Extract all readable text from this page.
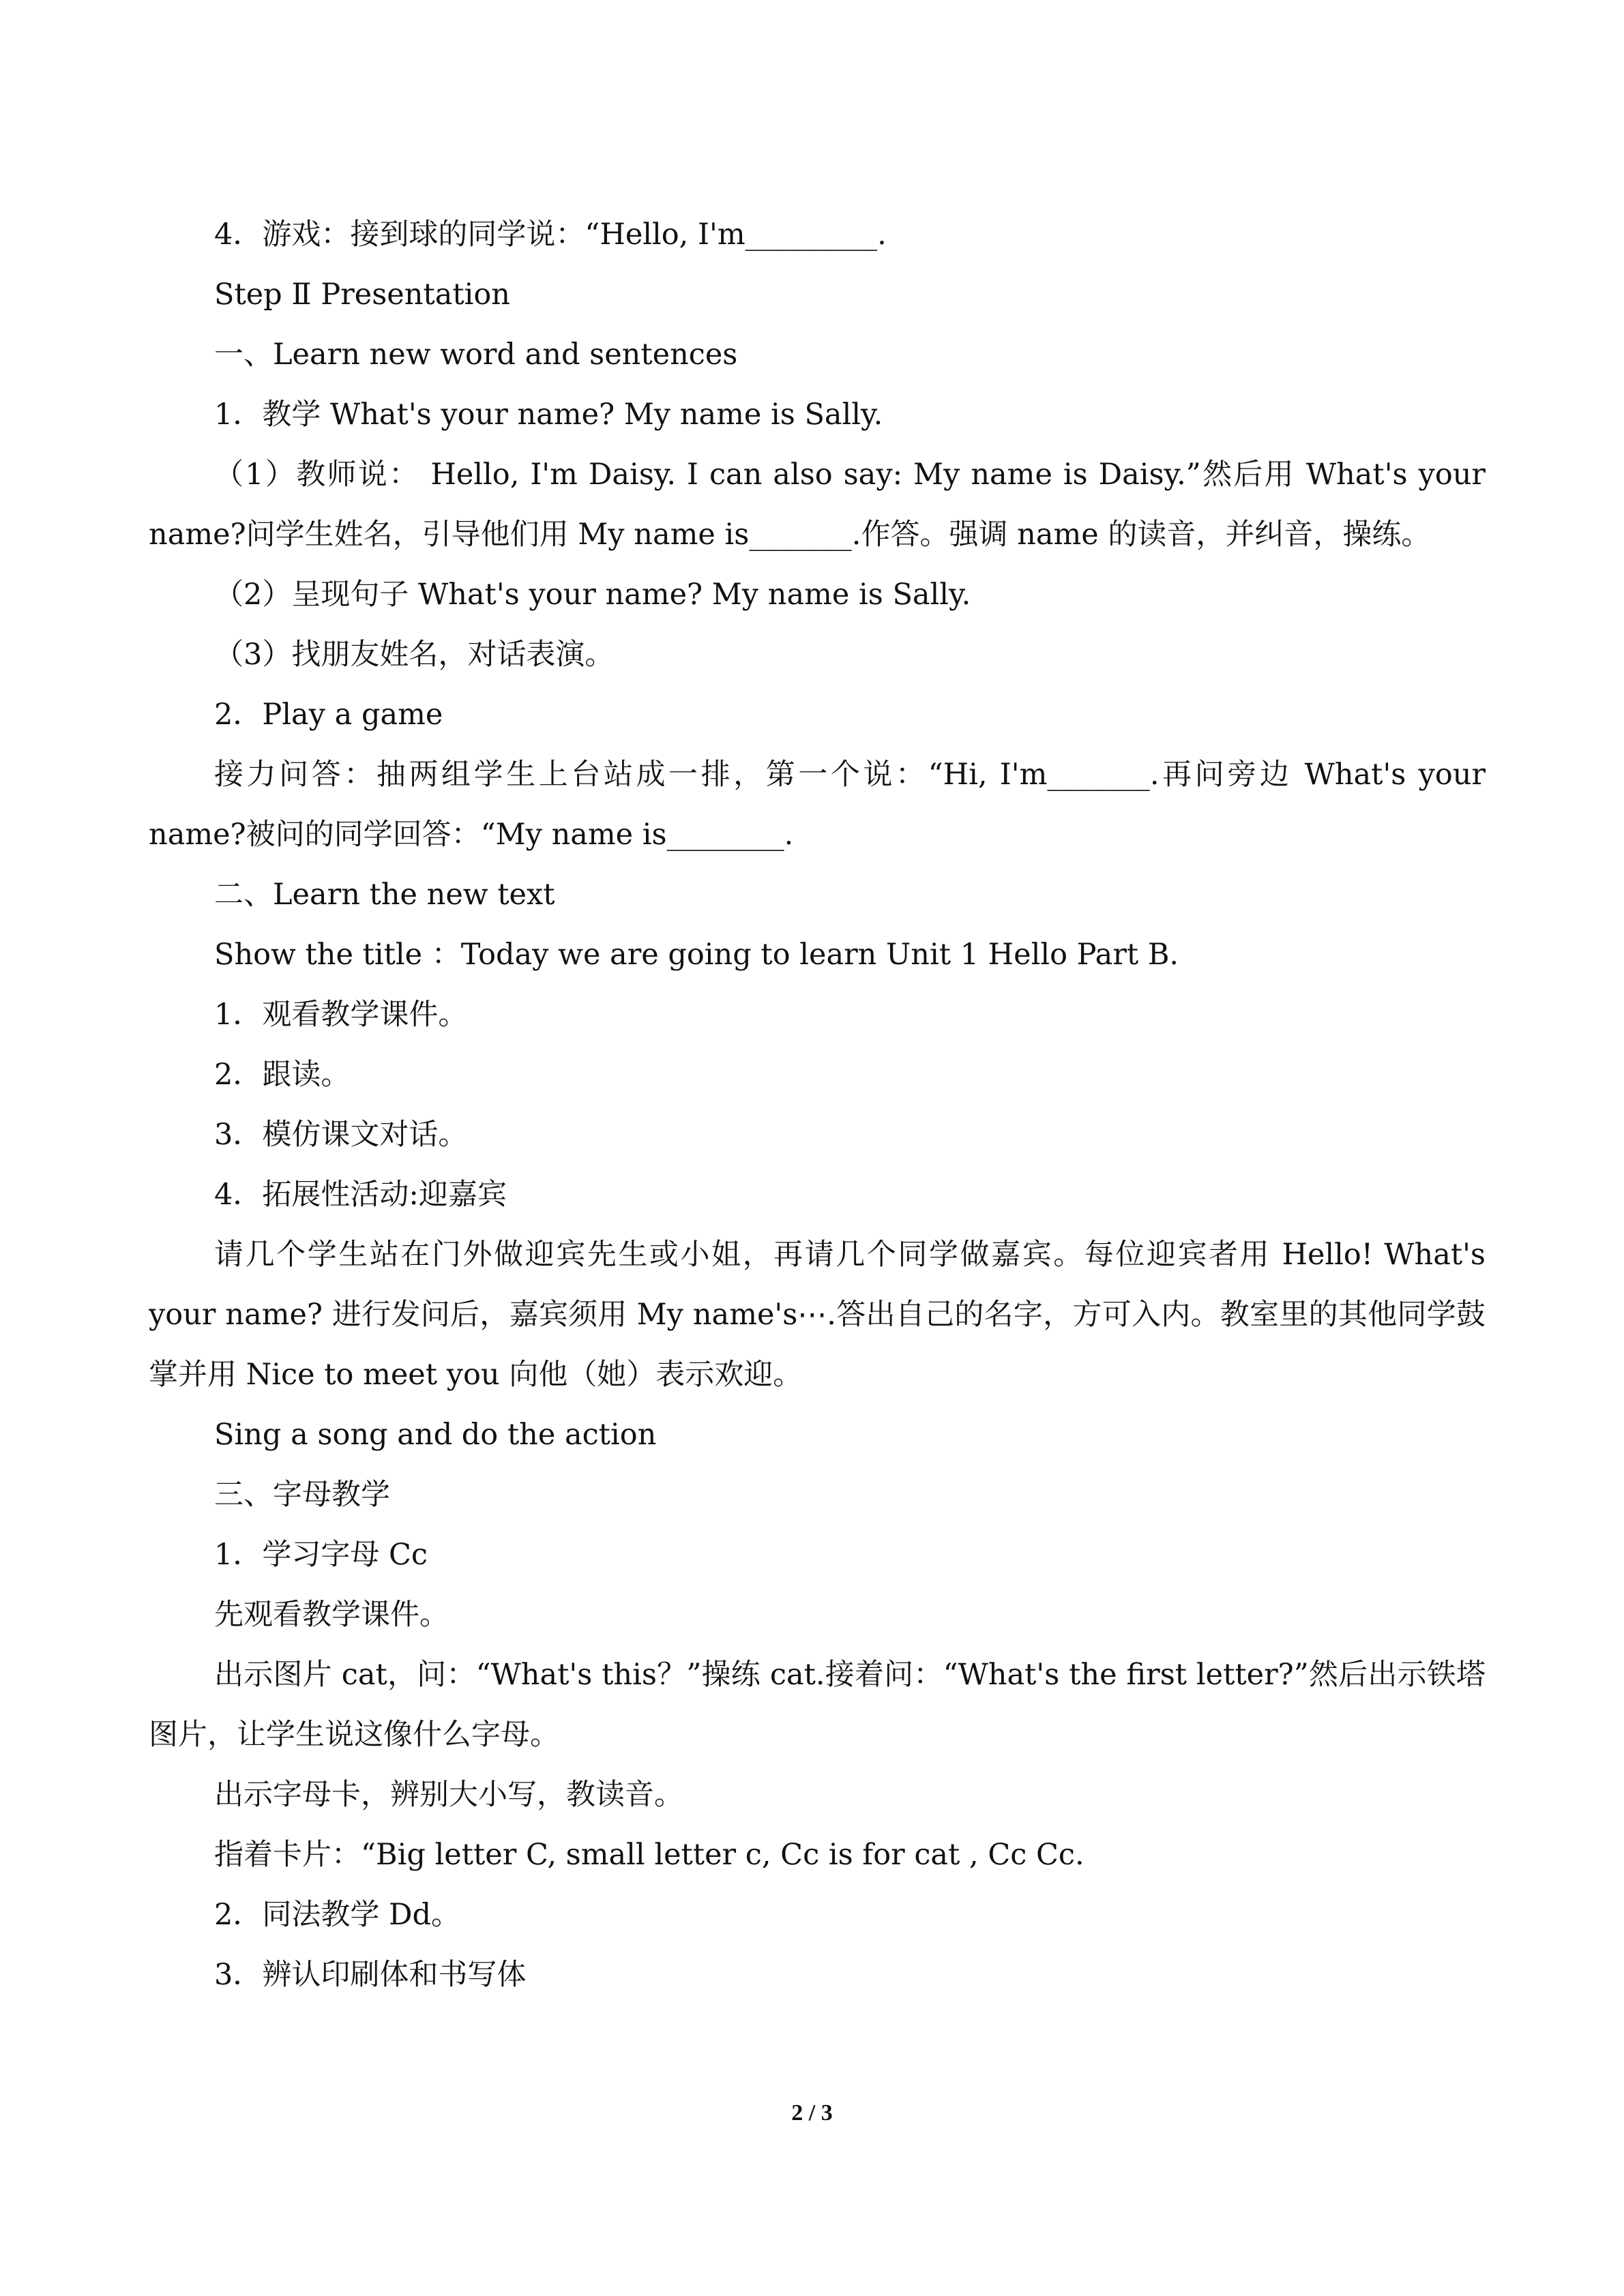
4．游戏：接到球的同学说：“Hello, I'm_________.
Step Ⅱ Presentation
一、Learn new word and sentences
1．教学 What's your name? My name is Sally.
（1）教师说： Hello, I'm Daisy. I can also say: My name is Daisy.”然后用 What's your name?问学生姓名，引导他们用 My name is_______.作答。强调 name 的读音，并纠音，操练。
（2）呈现句子 What's your name? My name is Sally.
（3）找朋友姓名，对话表演。
2．Play a game
接力问答：抽两组学生上台站成一排，第一个说：“Hi, I'm_______.再问旁边 What's your name?被问的同学回答：“My name is________.
二、Learn the new text
Show the title ：Today we are going to learn Unit 1 Hello Part B.
1．观看教学课件。
2．跟读。
3．模仿课文对话。
4．拓展性活动:迎嘉宾
请几个学生站在门外做迎宾先生或小姐，再请几个同学做嘉宾。每位迎宾者用 Hello! What's your name? 进行发问后，嘉宾须用 My name's⋯.答出自己的名字，方可入内。教室里的其他同学鼓掌并用 Nice to meet you 向他（她）表示欢迎。
Sing a song and do the action
三、字母教学
1．学习字母 Cc
先观看教学课件。
出示图片 cat，问：“What's this？”操练 cat.接着问：“What's the first letter?”然后出示铁塔图片，让学生说这像什么字母。
出示字母卡，辨别大小写，教读音。
指着卡片：“Big letter C, small letter c, Cc is for cat , Cc Cc.
2．同法教学 Dd。
3．辨认印刷体和书写体
2 / 3
